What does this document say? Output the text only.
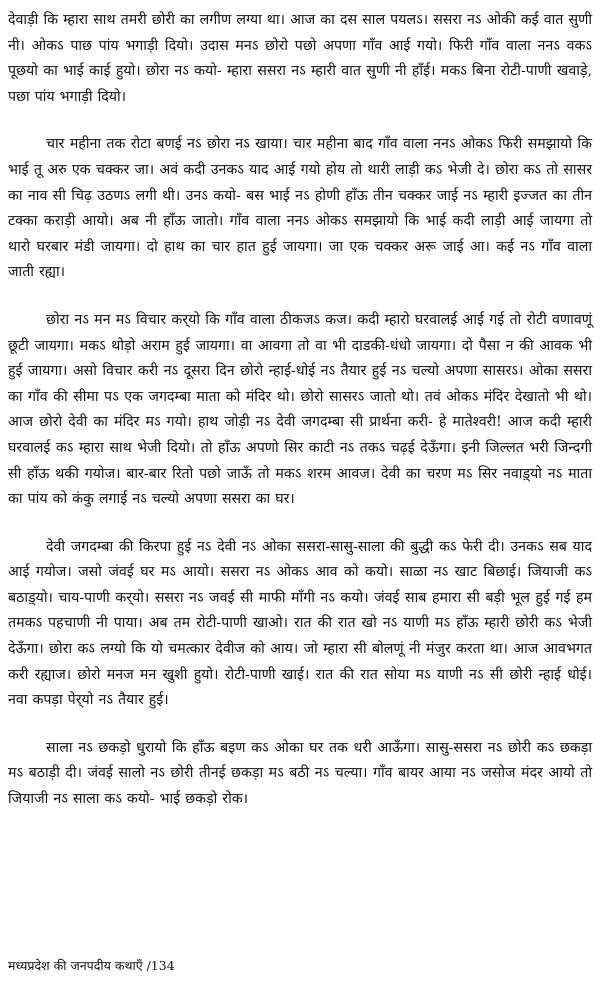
देवाड़ी कि म्हारा साथ तमरी छोरी का लगीण लग्या था। आज का दस साल पयलऽ। ससरा नऽ ओकी कई वात सुणी नी। ओकऽ पाछ पांय भगाड़ी दियो। उदास मनऽ छोरो पछो अपणा गाँव आई गयो। फिरी गाँव वाला ननऽ वकऽ पूछयो का भाई काई हुयो। छोरा नऽ कयो- म्हारा ससरा नऽ म्हारी वात सुणी नी हाँई। मकऽ बिना रोटी-पाणी खवाड़े, पछा पांय भगाड़ी दियो।

चार महीना तक रोटा बणई नऽ छोरा नऽ खाया। चार महीना बाद गाँव वाला ननऽ ओकऽ फिरी समझायो कि भाई तू अरु एक चक्कर जा। अवं कदी उनकऽ याद आई गयो होय तो थारी लाड़ी कऽ भेजी दे। छोरा कऽ तो सासर का नाव सी चिढ़ उठणऽ लगी थी। उनऽ कयो- बस भाई नऽ होणी हाँऊ तीन चक्कर जाई नऽ म्हारी इज्जत का तीन टक्का कराड़ी आयो। अब नी हाँऊ जातो। गाँव वाला ननऽ ओकऽ समझायो कि भाई कदी लाड़ी आई जायगा तो थारो घरबार मंडी जायगा। दो हाथ का चार हात हुई जायगा। जा एक चक्कर अरू जाई आ। कई नऽ गाँव वाला जाती रह्या।

छोरा नऽ मन मऽ विचार कर्‌यो कि गाँव वाला ठीकजऽ कज। कदी म्हारो घरवालई आई गई तो रोटी वणावणूं छूटी जायगा। मकऽ थोड़ो अराम हुई जायगा। वा आवगा तो वा भी दाडकी-धंधो जायगा। दो पैसा न की आवक भी हुई जायगा। असो विचार करी नऽ दूसरा दिन छोरो न्हाई-धोई नऽ तैयार हुई नऽ चल्यो अपणा सासरऽ। ओका ससरा का गाँव की सीमा पऽ एक जगदम्बा माता को मंदिर थो। छोरो सासरऽ जातो थो। तवं ओकऽ मंदिर देखातो भी थो। आज छोरो देवी का मंदिर मऽ गयो। हाथ जोड़ी नऽ देवी जगदम्बा सी प्रार्थना करी- हे मातेश्वरी! आज कदी म्हारी घरवालई कऽ म्हारा साथ भेजी दियो। तो हाँऊ अपणो सिर काटी नऽ तकऽ चढ़ई देऊँगा। इनी जिल्लत भरी जिन्दगी सी हाँऊ थकी गयोज। बार-बार रितो पछो जाऊँ तो मकऽ शरम आवज। देवी का चरण मऽ सिर नवाड़्यो नऽ माता का पांय को कंकु लगाई नऽ चल्यो अपणा ससरा का घर।

देवी जगदम्बा की किरपा हुई नऽ देवी नऽ ओका ससरा-सासु-साला की बुद्धी कऽ फेरी दी। उनकऽ सब याद आई गयोज। जसो जंवई घर मऽ आयो। ससरा नऽ ओकऽ आव को कयो। साळा नऽ खाट बिछाई। जियाजी कऽ बठाड़्यो। चाय-पाणी कर्‌यो। ससरा नऽ जवई सी माफी माँगी नऽ कयो। जंवई साब हमारा सी बड़ी भूल हुई गई हम तमकऽ पहचाणी नी पाया। अब तम रोटी-पाणी खाओ। रात की रात खो नऽ याणी मऽ हाँऊ म्हारी छोरी कऽ भेजी देऊँगा। छोरा कऽ लग्यो कि यो चमत्कार देवीज को आय। जो म्हारा सी बोलणूं नी मंजुर करता था। आज आवभगत करी रह्याज। छोरो मनज मन खुशी हुयो। रोटी-पाणी खाई। रात की रात सोया मऽ याणी नऽ सी छोरी न्हाई धोई। नवा कपड़ा पेर्‌यो नऽ तैयार हुई।

साला नऽ छकड़ो धुरायो कि हाँऊ बइण कऽ ओका घर तक धरी आऊँगा। सासु-ससरा नऽ छोरी कऽ छकड़ा मऽ बठाड़ी दी। जंवई सालो नऽ छोरी तीनई छकड़ा मऽ बठी नऽ चल्या। गाँव बायर आया नऽ जसोज मंदर आयो तो जियाजी नऽ साला कऽ कयो- भाई छकड़ो रोक।

मध्यप्रदेश की जनपदीय कथाएँ /134
